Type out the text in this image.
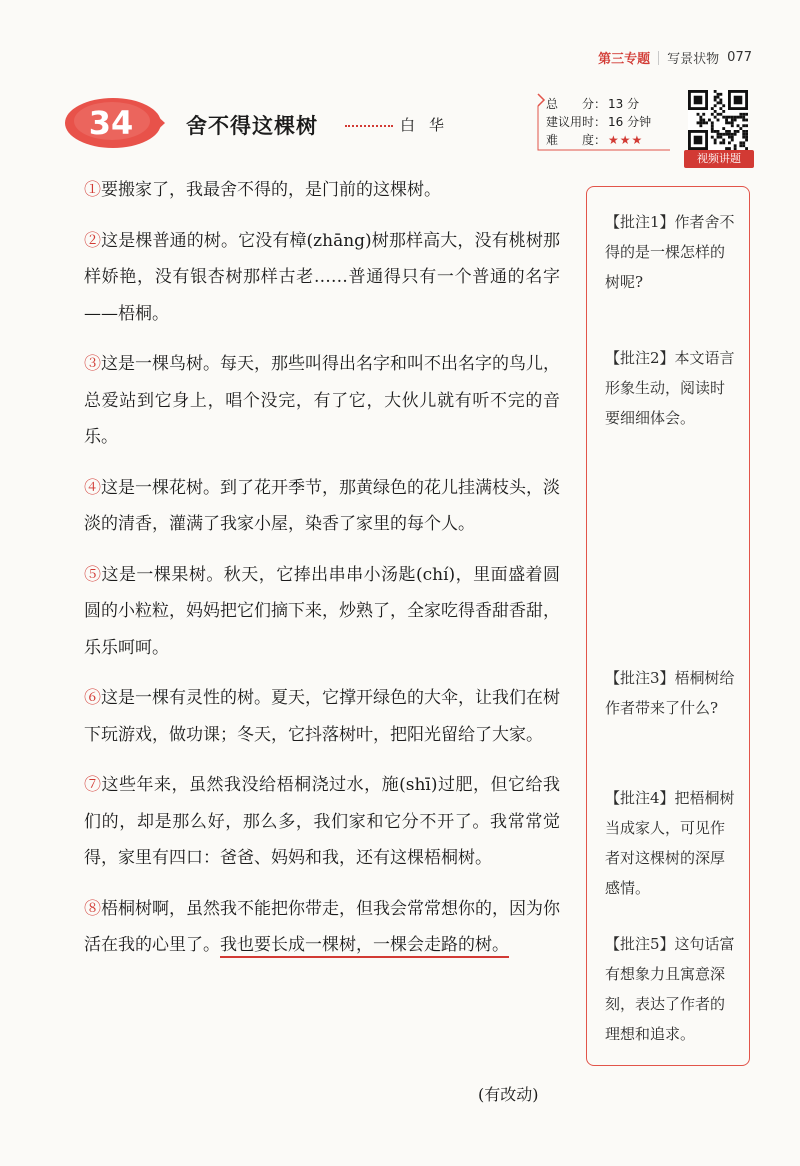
第三专题 写景状物 077
34	舍不得这棵树	白华
总　　分： 13 分
建议用时： 16 分钟
难　　度： ★★★
视频讲题

①要搬家了，我最舍不得的，是门前的这棵树。

②这是棵普通的树。它没有樟(zhāng)树那样高大，没有桃树那样娇艳，没有银杏树那样古老……普通得只有一个普通的名字——梧桐。

③这是一棵鸟树。每天，那些叫得出名字和叫不出名字的鸟儿，总爱站到它身上，唱个没完，有了它，大伙儿就有听不完的音乐。

④这是一棵花树。到了花开季节，那黄绿色的花儿挂满枝头，淡淡的清香，灌满了我家小屋，染香了家里的每个人。

⑤这是一棵果树。秋天，它捧出串串小汤匙(chí)，里面盛着圆圆的小粒粒，妈妈把它们摘下来，炒熟了，全家吃得香甜香甜，乐乐呵呵。

⑥这是一棵有灵性的树。夏天，它撑开绿色的大伞，让我们在树下玩游戏，做功课；冬天，它抖落树叶，把阳光留给了大家。

⑦这些年来，虽然我没给梧桐浇过水，施(shī)过肥，但它给我们的，却是那么好，那么多，我们家和它分不开了。我常常觉得，家里有四口：爸爸、妈妈和我，还有这棵梧桐树。

⑧梧桐树啊，虽然我不能把你带走，但我会常常想你的，因为你活在我的心里了。我也要长成一棵树，一棵会走路的树。

(有改动)
【批注1】作者舍不得的是一棵怎样的树呢?
【批注2】本文语言形象生动，阅读时要细细体会。
【批注3】梧桐树给作者带来了什么?
【批注4】把梧桐树当成家人，可见作者对这棵树的深厚感情。
【批注5】这句话富有想象力且寓意深刻，表达了作者的理想和追求。
